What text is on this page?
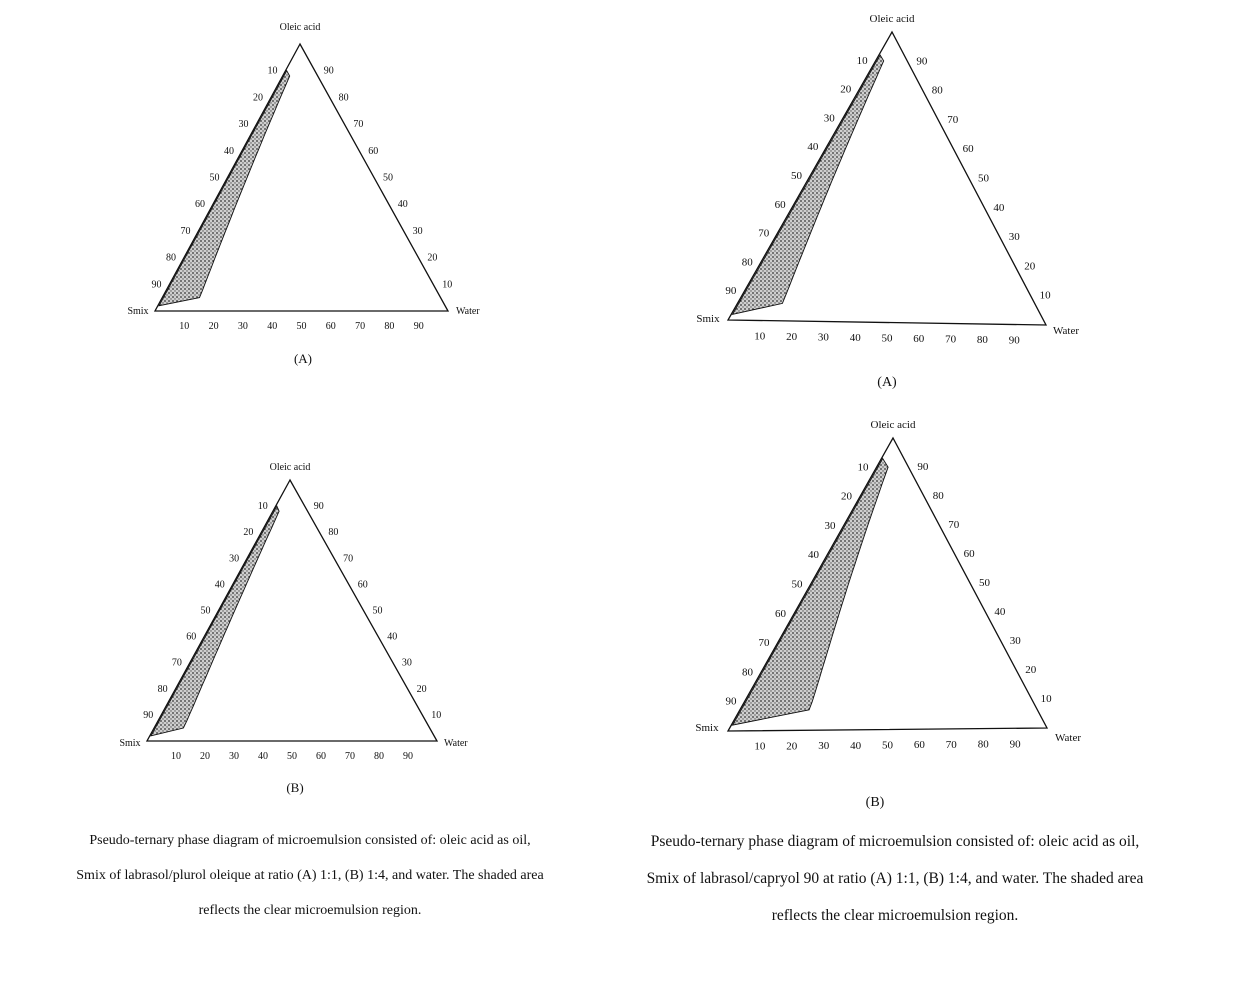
Oleic acid
Smix	Water
10
20
30
40
50
60
70
80
90
90
80
70
60
50
40
30
20
10
10 20 30 40 50 60 70 80 90
(A)
Oleic acid
Smix	Water
10
20
30
40
50
60
70
80
90
90
80
70
60
50
40
30
20
10
10 20 30 40 50 60 70 80 90
(B)
Oleic acid
Smix
Water
10
20
30
40
50
60
70
80
90
90
80
70
60
50
40
30
20
10
10 20 30 40 50 60 70 80 90
(A)
Oleic acid
Smix
Water
10
20
30
40
50
60
70
80
90
90
80
70
60
50
40
30
20
10
10 20 30 40 50 60 70 80 90
(B)
Pseudo-ternary phase diagram of microemulsion consisted of: oleic acid as oil,
Smix of labrasol/plurol oleique at ratio (A) 1:1, (B) 1:4, and water. The shaded area
reflects the clear microemulsion region.
Pseudo-ternary phase diagram of microemulsion consisted of: oleic acid as oil,
Smix of labrasol/capryol 90 at ratio (A) 1:1, (B) 1:4, and water. The shaded area
reflects the clear microemulsion region.
